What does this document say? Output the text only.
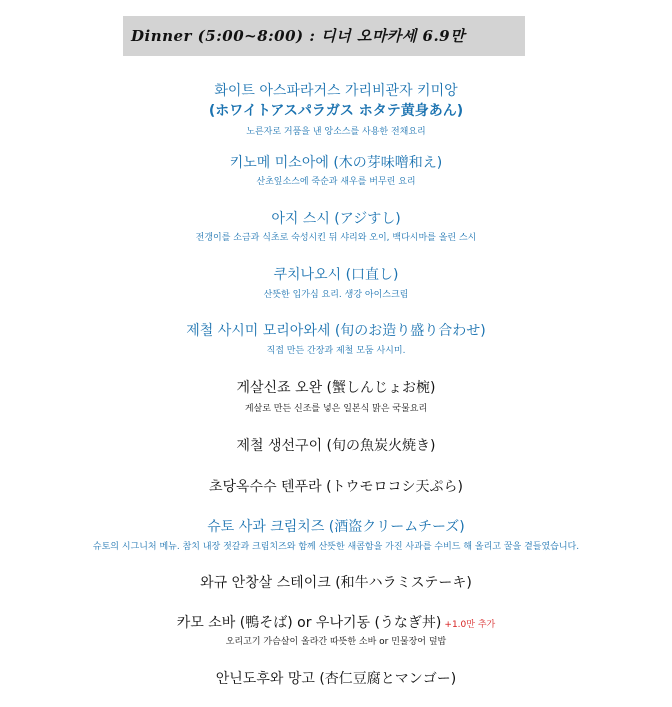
Dinner (5:00~8:00) : 디너 오마카세 6.9만
화이트 아스파라거스 가리비관자 키미앙
(ホワイトアスパラガス ホタテ黄身あん)
노른자로 거품을 낸 앙소스를 사용한 전채요리
키노메 미소아에 (木の芽味噌和え)
산초잎소스에 죽순과 새우를 버무린 요리
아지 스시 (アジすし)
전갱이를 소금과 식초로 숙성시킨 뒤 샤리와 오이, 백다시마를 올린 스시
쿠치나오시 (口直し)
산뜻한 입가심 요리. 생강 아이스크림
제철 사시미 모리아와세 (旬のお造り盛り合わせ)
직접 만든 간장과 제철 모둠 사시미.
게살신죠 오완 (蟹しんじょお椀)
게살로 만든 신조를 넣은 일본식 맑은 국물요리
제철 생선구이 (旬の魚炭火焼き)
초당옥수수 텐푸라 (トウモロコシ天ぷら)
슈토 사과 크림치즈 (酒盗クリームチーズ)
슈토의 시그니처 메뉴. 참치 내장 젓갈과 크림치즈와 함께 산뜻한 새콤함을 가진 사과를 수비드 해 올리고 꿀을 곁들였습니다.
와규 안창살 스테이크 (和牛ハラミステーキ)
카모 소바 (鴨そば) or 우나기동 (うなぎ丼) +1.0만 추가
오리고기 가슴살이 올라간 따뜻한 소바 or 민물장어 덮밥
안닌도후와 망고 (杏仁豆腐とマンゴー)
